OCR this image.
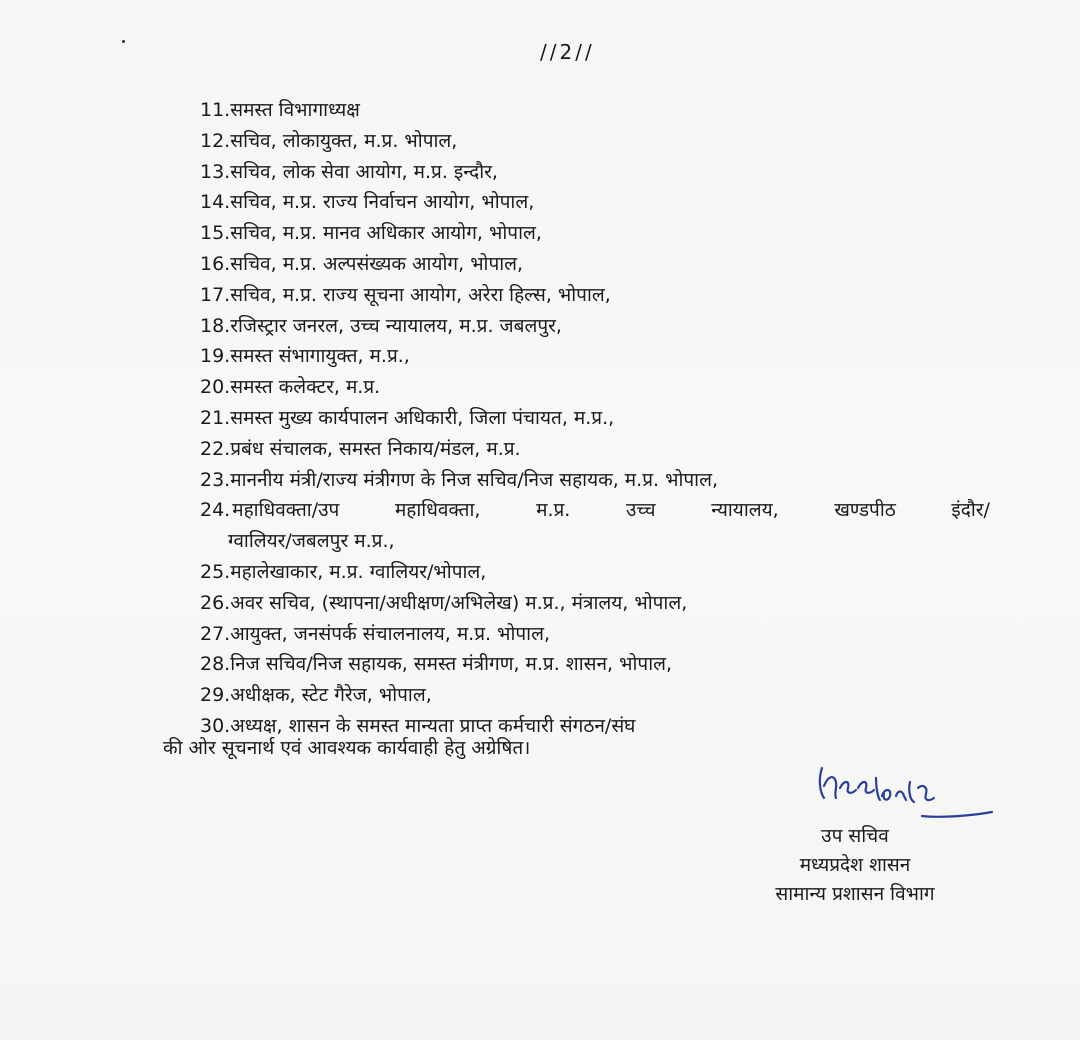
//2//
11. समस्त विभागाध्यक्ष
12. सचिव, लोकायुक्त, म.प्र. भोपाल,
13. सचिव, लोक सेवा आयोग, म.प्र. इन्दौर,
14. सचिव, म.प्र. राज्य निर्वाचन आयोग, भोपाल,
15. सचिव, म.प्र. मानव अधिकार आयोग, भोपाल,
16. सचिव, म.प्र. अल्पसंख्यक आयोग, भोपाल,
17. सचिव, म.प्र. राज्य सूचना आयोग, अरेरा हिल्स, भोपाल,
18. रजिस्ट्रार जनरल, उच्च न्यायालय, म.प्र. जबलपुर,
19. समस्त संभागायुक्त, म.प्र.,
20. समस्त कलेक्टर, म.प्र.
21. समस्त मुख्य कार्यपालन अधिकारी, जिला पंचायत, म.प्र.,
22. प्रबंध संचालक, समस्त निकाय/मंडल, म.प्र.
23. माननीय मंत्री/राज्य मंत्रीगण के निज सचिव/निज सहायक, म.प्र. भोपाल,
24. महाधिवक्ता/उप	महाधिवक्ता,	म.प्र.	उच्च	न्यायालय,	खण्डपीठ	इंदौर/
ग्वालियर/जबलपुर म.प्र.,
25. महालेखाकार, म.प्र. ग्वालियर/भोपाल,
26. अवर सचिव, (स्थापना/अधीक्षण/अभिलेख) म.प्र., मंत्रालय, भोपाल,
27. आयुक्त, जनसंपर्क संचालनालय, म.प्र. भोपाल,
28. निज सचिव/निज सहायक, समस्त मंत्रीगण, म.प्र. शासन, भोपाल,
29. अधीक्षक, स्टेट गैरेज, भोपाल,
30. अध्यक्ष, शासन के समस्त मान्यता प्राप्त कर्मचारी संगठन/संघ
की ओर सूचनार्थ एवं आवश्यक कार्यवाही हेतु अग्रेषित।
उप सचिव
मध्यप्रदेश शासन
सामान्य प्रशासन विभाग
